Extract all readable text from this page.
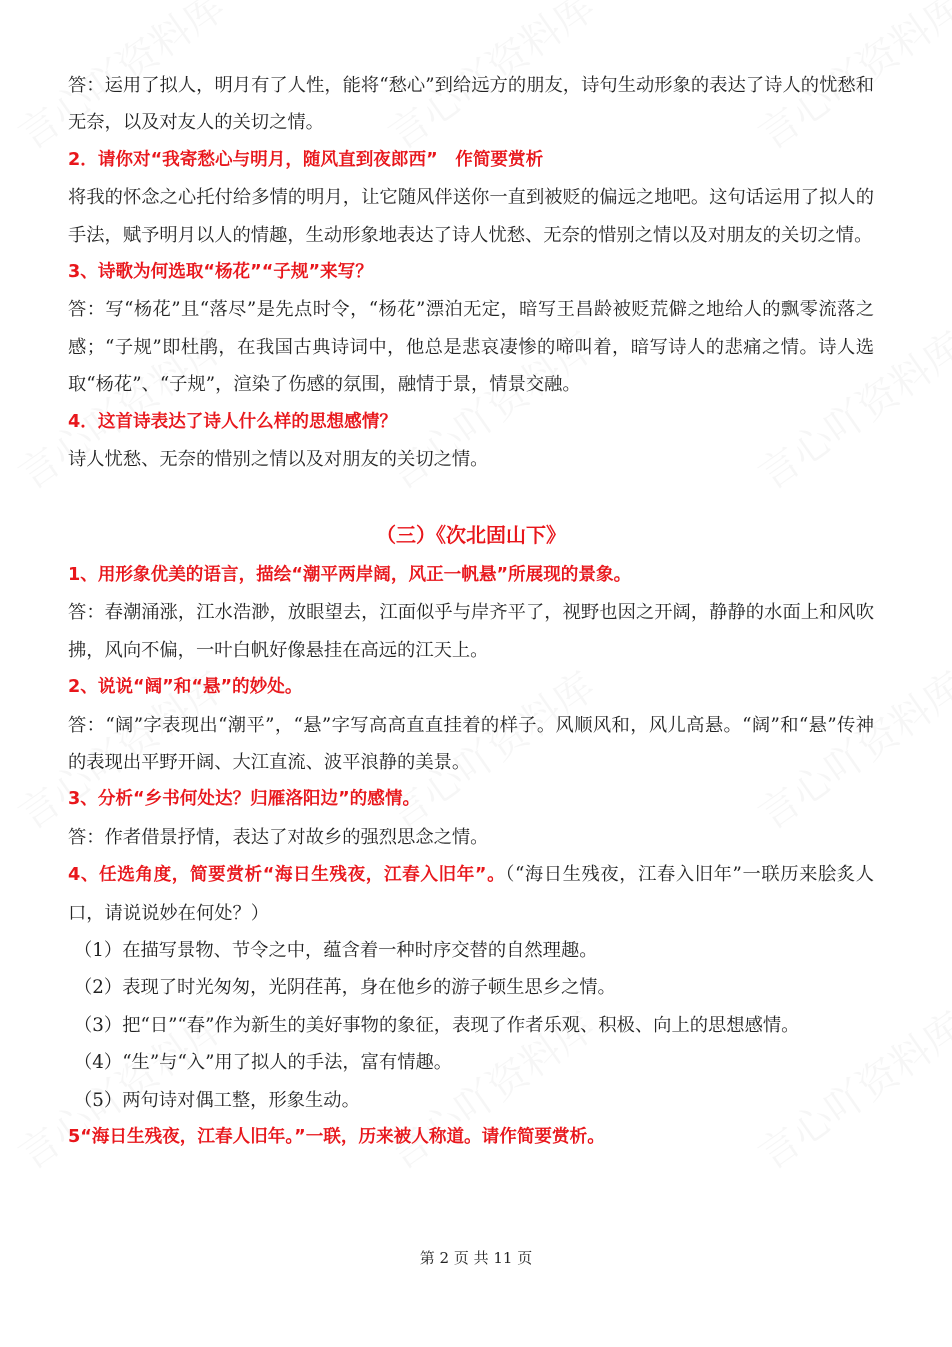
答：运用了拟人，明月有了人性，能将“愁心”到给远方的朋友，诗句生动形象的表达了诗人的忧愁和无奈，以及对友人的关切之情。

2．请你对“我寄愁心与明月，随风直到夜郎西”　作简要赏析

将我的怀念之心托付给多情的明月，让它随风伴送你一直到被贬的偏远之地吧。这句话运用了拟人的手法，赋予明月以人的情趣，生动形象地表达了诗人忧愁、无奈的惜别之情以及对朋友的关切之情。

3、诗歌为何选取“杨花”“子规”来写？

答：写“杨花”且“落尽”是先点时令，“杨花”漂泊无定，暗写王昌龄被贬荒僻之地给人的飘零流落之感；“子规”即杜鹃，在我国古典诗词中，他总是悲哀凄惨的啼叫着，暗写诗人的悲痛之情。诗人选取“杨花”、“子规”，渲染了伤感的氛围，融情于景，情景交融。

4．这首诗表达了诗人什么样的思想感情？

诗人忧愁、无奈的惜别之情以及对朋友的关切之情。

（三）《次北固山下》

1、用形象优美的语言，描绘“潮平两岸阔，风正一帆悬”所展现的景象。

答：春潮涌涨，江水浩渺，放眼望去，江面似乎与岸齐平了，视野也因之开阔，静静的水面上和风吹拂，风向不偏，一叶白帆好像悬挂在高远的江天上。

2、说说“阔”和“悬”的妙处。

答：“阔”字表现出“潮平”，“悬”字写高高直直挂着的样子。风顺风和，风儿高悬。“阔”和“悬”传神的表现出平野开阔、大江直流、波平浪静的美景。

3、分析“乡书何处达？归雁洛阳边”的感情。

答：作者借景抒情，表达了对故乡的强烈思念之情。

4、任选角度，简要赏析“海日生残夜，江春入旧年”。（“海日生残夜，江春入旧年”一联历来脍炙人口，请说说妙在何处？）

（1）在描写景物、节令之中，蕴含着一种时序交替的自然理趣。

（2）表现了时光匆匆，光阴荏苒，身在他乡的游子顿生思乡之情。

（3）把“日”“春”作为新生的美好事物的象征，表现了作者乐观、积极、向上的思想感情。

（4）“生”与“入”用了拟人的手法，富有情趣。

（5）两句诗对偶工整，形象生动。

5“海日生残夜，江春人旧年。”一联，历来被人称道。请作简要赏析。

第 2 页 共 11 页
